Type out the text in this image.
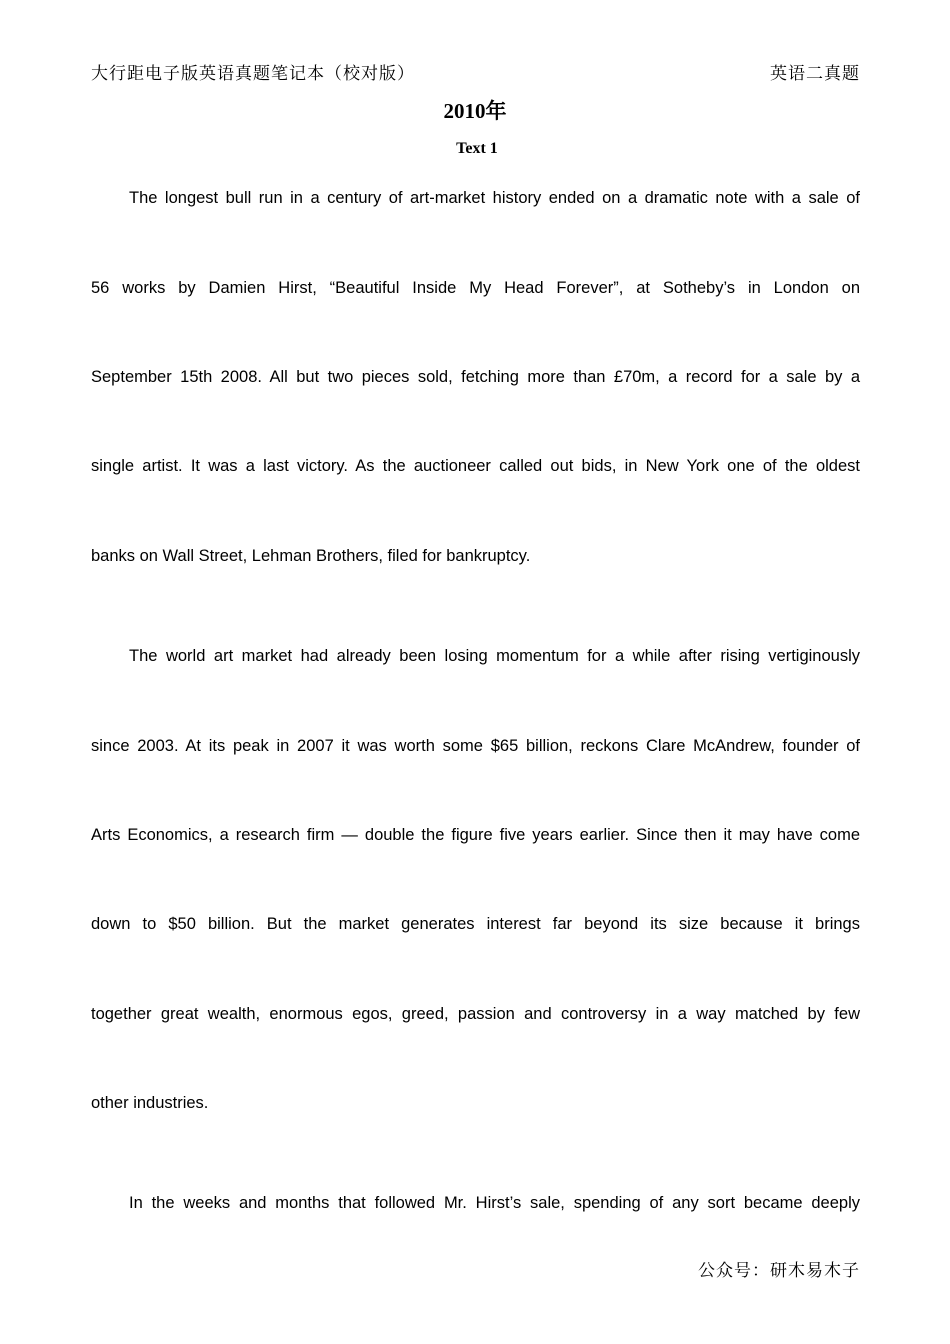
大行距电子版英语真题笔记本（校对版）	英语二真题
2010年
Text 1
The longest bull run in a century of art-market history ended on a dramatic note with a sale of
56 works by Damien Hirst, “Beautiful Inside My Head Forever”, at Sotheby’s in London on
September 15th 2008. All but two pieces sold, fetching more than £70m, a record for a sale by a
single artist. It was a last victory. As the auctioneer called out bids, in New York one of the oldest
banks on Wall Street, Lehman Brothers, filed for bankruptcy.
The world art market had already been losing momentum for a while after rising vertiginously
since 2003. At its peak in 2007 it was worth some $65 billion, reckons Clare McAndrew, founder of
Arts Economics, a research firm — double the figure five years earlier. Since then it may have come
down to $50 billion. But the market generates interest far beyond its size because it brings
together great wealth, enormous egos, greed, passion and controversy in a way matched by few
other industries.
In the weeks and months that followed Mr. Hirst’s sale, spending of any sort became deeply
公众号：研木易木子
